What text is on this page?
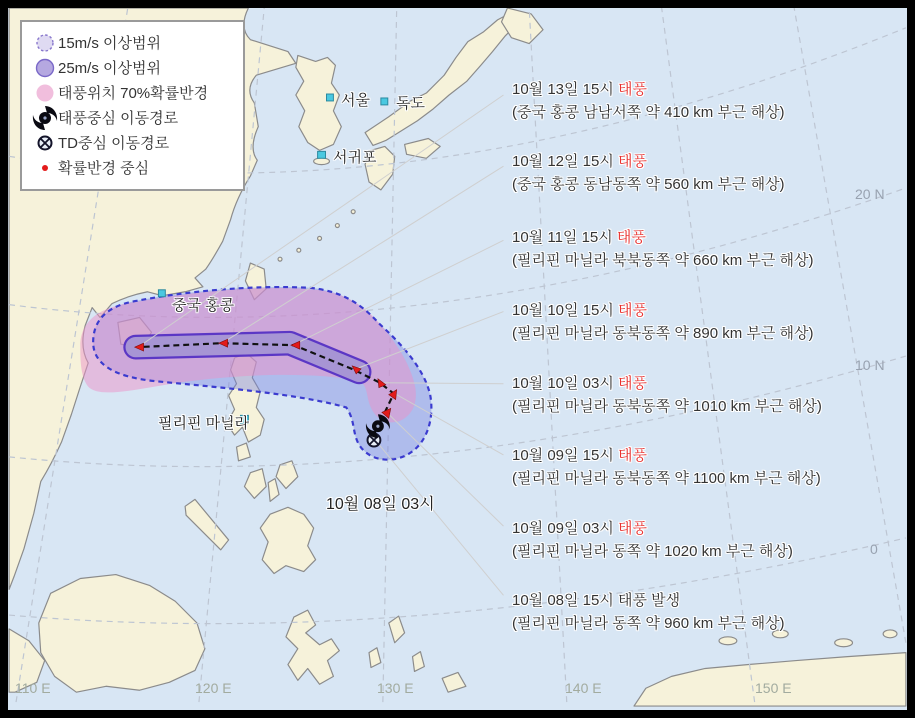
서울 독도
서귀포
중국 홍콩
필리핀 마닐라
10월 08일 03시
10월 13일 15시 태풍
(중국 홍콩 남남서쪽 약 410 km 부근 해상)
10월 12일 15시 태풍
(중국 홍콩 동남동쪽 약 560 km 부근 해상)
10월 11일 15시 태풍
(필리핀 마닐라 북북동쪽 약 660 km 부근 해상)
10월 10일 15시 태풍
(필리핀 마닐라 동북동쪽 약 890 km 부근 해상)
10월 10일 03시 태풍
(필리핀 마닐라 동북동쪽 약 1010 km 부근 해상)
10월 09일 15시 태풍
(필리핀 마닐라 동북동쪽 약 1100 km 부근 해상)
10월 09일 03시 태풍
(필리핀 마닐라 동쪽 약 1020 km 부근 해상)
10월 08일 15시 태풍 발생
(필리핀 마닐라 동쪽 약 960 km 부근 해상)
20 N
10 N
0
110 E	120 E	130 E	140 E	150 E
15m/s 이상범위
25m/s 이상범위
태풍위치 70%확률반경
태풍중심 이동경로
TD중심 이동경로
확률반경 중심
